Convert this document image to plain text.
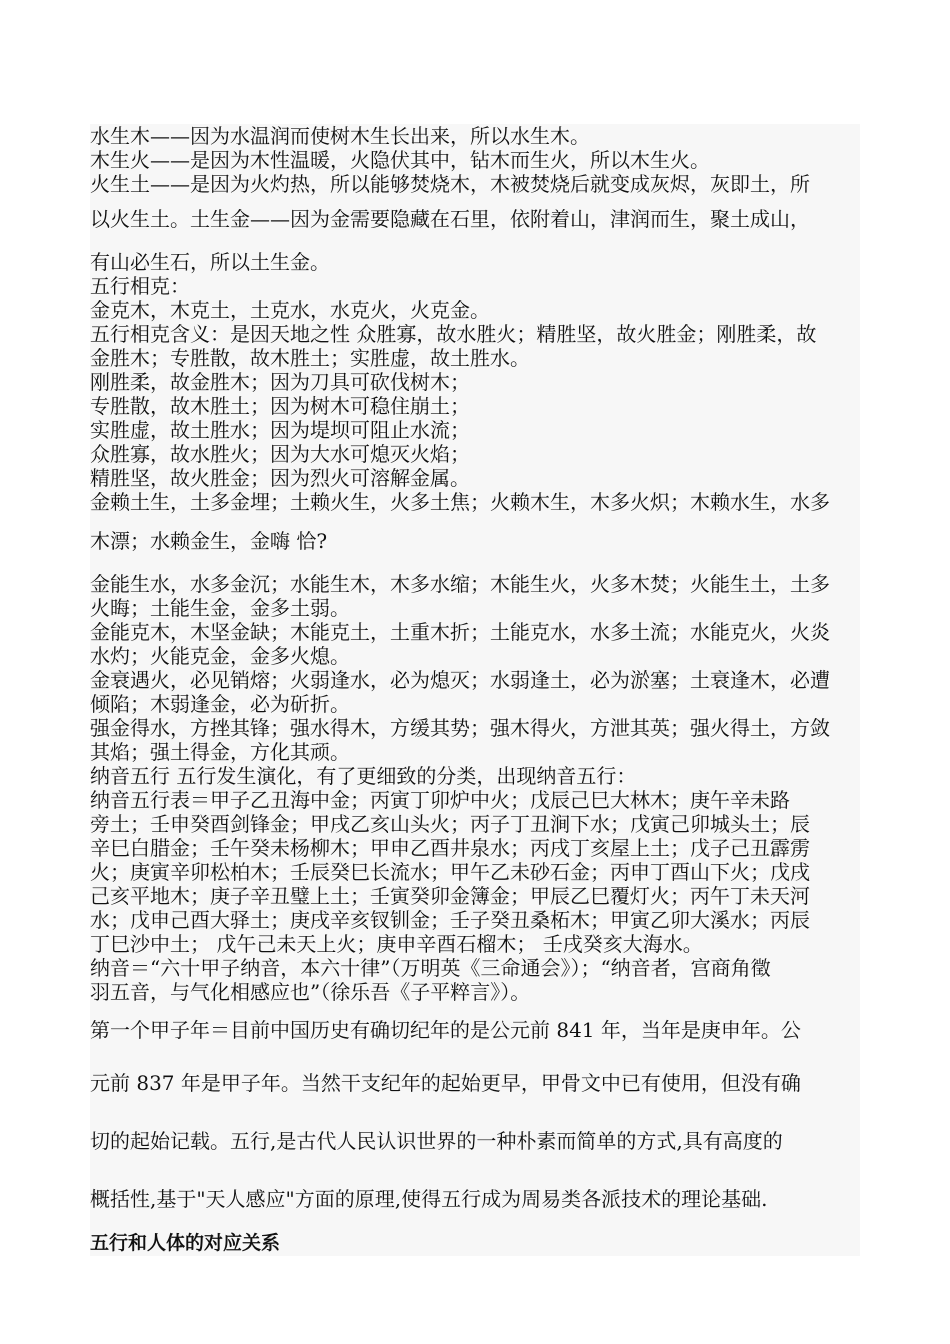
水生木——因为水温润而使树木生长出来，所以水生木。
木生火——是因为木性温暖，火隐伏其中，钻木而生火，所以木生火。
火生土——是因为火灼热，所以能够焚烧木，木被焚烧后就变成灰烬，灰即土，所
以火生土。土生金——因为金需要隐藏在石里，依附着山，津润而生，聚土成山，
有山必生石，所以土生金。
五行相克：
金克木，木克土，土克水，水克火，火克金。
五行相克含义：是因天地之性 众胜寡，故水胜火；精胜坚，故火胜金；刚胜柔，故
金胜木；专胜散，故木胜土；实胜虚，故土胜水。
刚胜柔，故金胜木；因为刀具可砍伐树木；
专胜散，故木胜土；因为树木可稳住崩土；
实胜虚，故土胜水；因为堤坝可阻止水流；
众胜寡，故水胜火；因为大水可熄灭火焰；
精胜坚，故火胜金；因为烈火可溶解金属。
金赖土生，土多金埋；土赖火生，火多土焦；火赖木生，木多火炽；木赖水生，水多
木漂；水赖金生，金嗨 恰?
金能生水，水多金沉；水能生木，木多水缩；木能生火，火多木焚；火能生土，土多
火晦；土能生金，金多土弱。
金能克木，木坚金缺；木能克土，土重木折；土能克水，水多土流；水能克火，火炎
水灼；火能克金，金多火熄。
金衰遇火，必见销熔；火弱逢水，必为熄灭；水弱逢土，必为淤塞；土衰逢木，必遭
倾陷；木弱逢金，必为斫折。
强金得水，方挫其锋；强水得木，方缓其势；强木得火，方泄其英；强火得土，方敛
其焰；强土得金，方化其顽。
纳音五行 五行发生演化，有了更细致的分类，出现纳音五行：
纳音五行表＝甲子乙丑海中金；丙寅丁卯炉中火；戊辰己巳大林木；庚午辛未路
旁土；壬申癸酉剑锋金；甲戌乙亥山头火；丙子丁丑涧下水；戊寅己卯城头土；辰
辛巳白腊金；壬午癸未杨柳木；甲申乙酉井泉水；丙戌丁亥屋上土；戊子己丑霹雳
火；庚寅辛卯松柏木；壬辰癸巳长流水；甲午乙未砂石金；丙申丁酉山下火；戊戌
己亥平地木；庚子辛丑璧上土；壬寅癸卯金簿金；甲辰乙巳覆灯火；丙午丁未天河
水；戊申己酉大驿土；庚戌辛亥钗钏金；壬子癸丑桑柘木；甲寅乙卯大溪水；丙辰
丁巳沙中土； 戊午己未天上火；庚申辛酉石榴木； 壬戌癸亥大海水。
纳音＝“六十甲子纳音，本六十律”（万明英《三命通会》）；“纳音者，宫商角徵
羽五音，与气化相感应也”（徐乐吾《子平粹言》）。
第一个甲子年＝目前中国历史有确切纪年的是公元前 841 年，当年是庚申年。公
元前 837 年是甲子年。当然干支纪年的起始更早，甲骨文中已有使用，但没有确
切的起始记载。五行,是古代人民认识世界的一种朴素而简单的方式,具有高度的
概括性,基于"天人感应"方面的原理,使得五行成为周易类各派技术的理论基础.
五行和人体的对应关系
